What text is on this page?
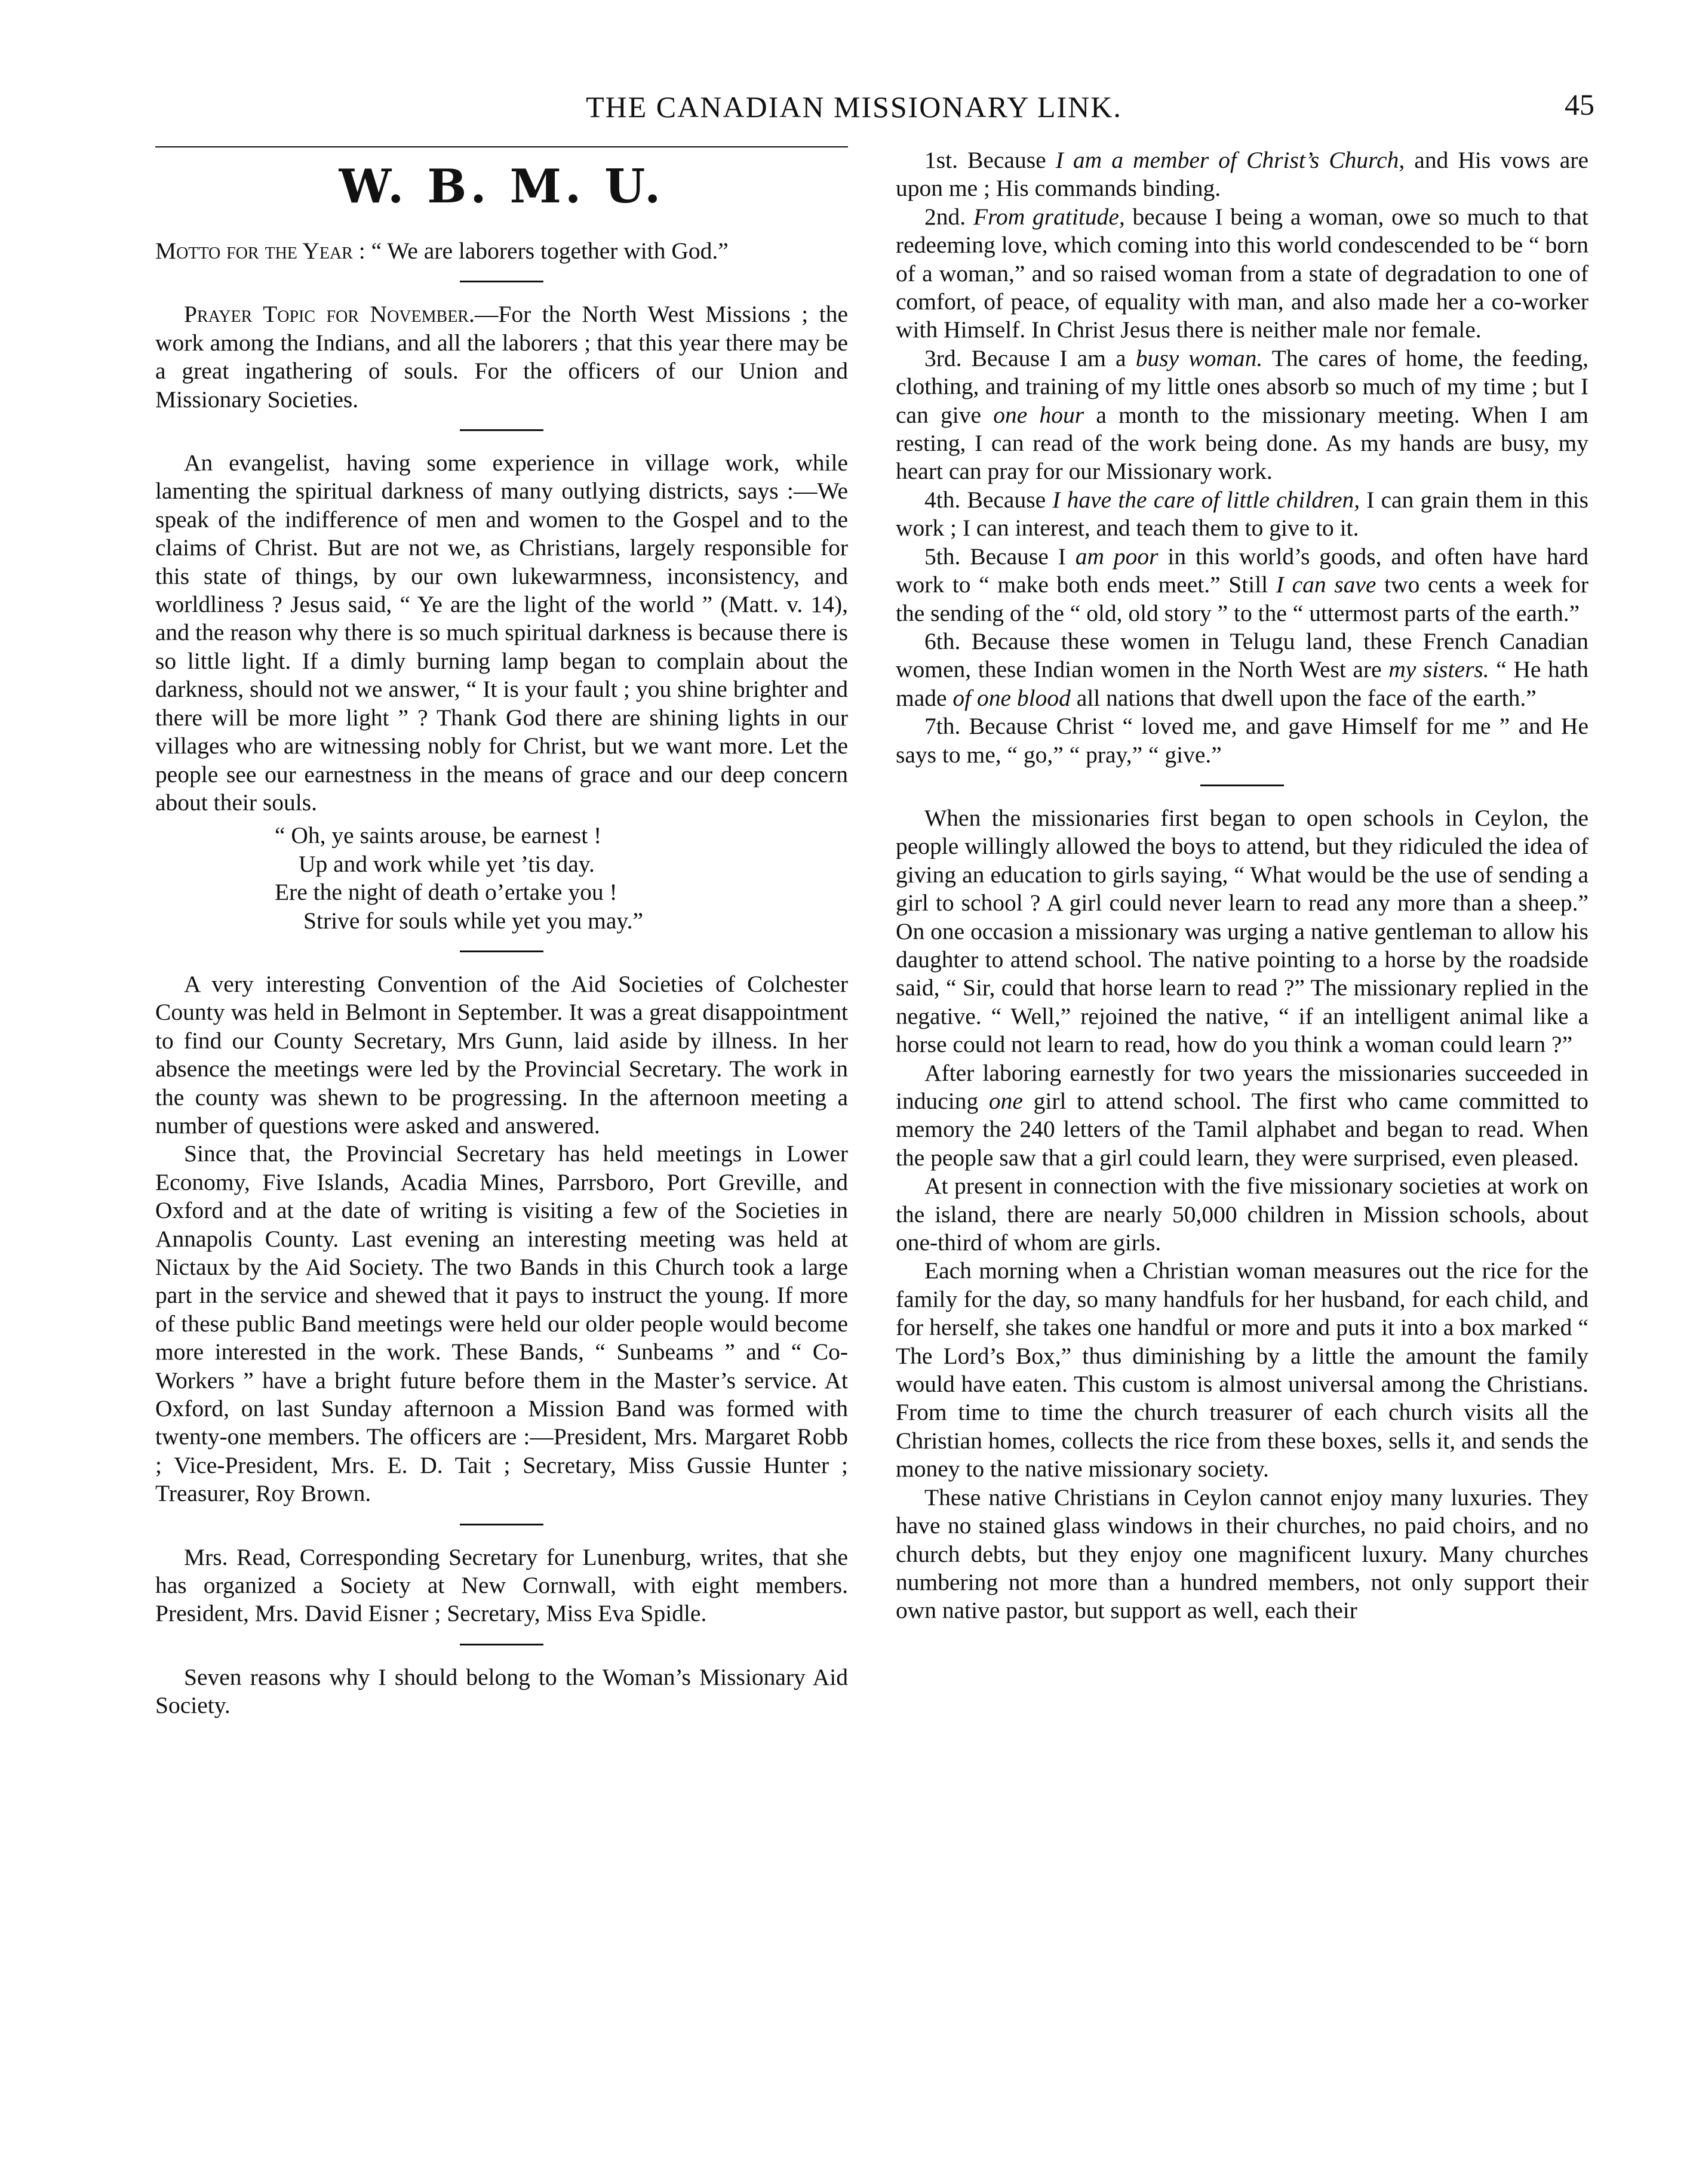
THE CANADIAN MISSIONARY LINK.	45
W. B. M. U.

Motto for the Year : “ We are laborers together with God.”

Prayer Topic for November.—For the North West Missions ; the work among the Indians, and all the laborers ; that this year there may be a great ingathering of souls. For the officers of our Union and Missionary Societies.

An evangelist, having some experience in village work, while lamenting the spiritual darkness of many outlying districts, says :—We speak of the indifference of men and women to the Gospel and to the claims of Christ. But are not we, as Christians, largely responsible for this state of things, by our own lukewarmness, inconsistency, and worldliness ? Jesus said, “ Ye are the light of the world ” (Matt. v. 14), and the reason why there is so much spiritual darkness is because there is so little light. If a dimly burning lamp began to complain about the darkness, should not we answer, “ It is your fault ; you shine brighter and there will be more light ” ? Thank God there are shining lights in our villages who are witnessing nobly for Christ, but we want more. Let the people see our earnestness in the means of grace and our deep concern about their souls.

“ Oh, ye saints arouse, be earnest !
Up and work while yet ’tis day.
Ere the night of death o’ertake you !
Strive for souls while yet you may.”

A very interesting Convention of the Aid Societies of Colchester County was held in Belmont in September. It was a great disappointment to find our County Secretary, Mrs Gunn, laid aside by illness. In her absence the meetings were led by the Provincial Secretary. The work in the county was shewn to be progressing. In the afternoon meeting a number of questions were asked and answered.

Since that, the Provincial Secretary has held meetings in Lower Economy, Five Islands, Acadia Mines, Parrsboro, Port Greville, and Oxford and at the date of writing is visiting a few of the Societies in Annapolis County. Last evening an interesting meeting was held at Nictaux by the Aid Society. The two Bands in this Church took a large part in the service and shewed that it pays to instruct the young. If more of these public Band meetings were held our older people would become more interested in the work. These Bands, “ Sunbeams ” and “ Co-Workers ” have a bright future before them in the Master’s service. At Oxford, on last Sunday afternoon a Mission Band was formed with twenty-one members. The officers are :—President, Mrs. Margaret Robb ; Vice-President, Mrs. E. D. Tait ; Secretary, Miss Gussie Hunter ; Treasurer, Roy Brown.

Mrs. Read, Corresponding Secretary for Lunenburg, writes, that she has organized a Society at New Cornwall, with eight members. President, Mrs. David Eisner ; Secretary, Miss Eva Spidle.

Seven reasons why I should belong to the Woman’s Missionary Aid Society.

1st. Because I am a member of Christ’s Church, and His vows are upon me ; His commands binding.

2nd. From gratitude, because I being a woman, owe so much to that redeeming love, which coming into this world condescended to be “ born of a woman,” and so raised woman from a state of degradation to one of comfort, of peace, of equality with man, and also made her a co-worker with Himself. In Christ Jesus there is neither male nor female.

3rd. Because I am a busy woman. The cares of home, the feeding, clothing, and training of my little ones absorb so much of my time ; but I can give one hour a month to the missionary meeting. When I am resting, I can read of the work being done. As my hands are busy, my heart can pray for our Missionary work.

4th. Because I have the care of little children, I can grain them in this work ; I can interest, and teach them to give to it.

5th. Because I am poor in this world’s goods, and often have hard work to “ make both ends meet.” Still I can save two cents a week for the sending of the “ old, old story ” to the “ uttermost parts of the earth.”

6th. Because these women in Telugu land, these French Canadian women, these Indian women in the North West are my sisters. “ He hath made of one blood all nations that dwell upon the face of the earth.”

7th. Because Christ “ loved me, and gave Himself for me ” and He says to me, “ go,” “ pray,” “ give.”

When the missionaries first began to open schools in Ceylon, the people willingly allowed the boys to attend, but they ridiculed the idea of giving an education to girls saying, “ What would be the use of sending a girl to school ? A girl could never learn to read any more than a sheep.” On one occasion a missionary was urging a native gentleman to allow his daughter to attend school. The native pointing to a horse by the roadside said, “ Sir, could that horse learn to read ?” The missionary replied in the negative. “ Well,” rejoined the native, “ if an intelligent animal like a horse could not learn to read, how do you think a woman could learn ?”

After laboring earnestly for two years the missionaries succeeded in inducing one girl to attend school. The first who came committed to memory the 240 letters of the Tamil alphabet and began to read. When the people saw that a girl could learn, they were surprised, even pleased.

At present in connection with the five missionary societies at work on the island, there are nearly 50,000 children in Mission schools, about one-third of whom are girls.

Each morning when a Christian woman measures out the rice for the family for the day, so many handfuls for her husband, for each child, and for herself, she takes one handful or more and puts it into a box marked “ The Lord’s Box,” thus diminishing by a little the amount the family would have eaten. This custom is almost universal among the Christians. From time to time the church treasurer of each church visits all the Christian homes, collects the rice from these boxes, sells it, and sends the money to the native missionary society.

These native Christians in Ceylon cannot enjoy many luxuries. They have no stained glass windows in their churches, no paid choirs, and no church debts, but they enjoy one magnificent luxury. Many churches numbering not more than a hundred members, not only support their own native pastor, but support as well, each their
